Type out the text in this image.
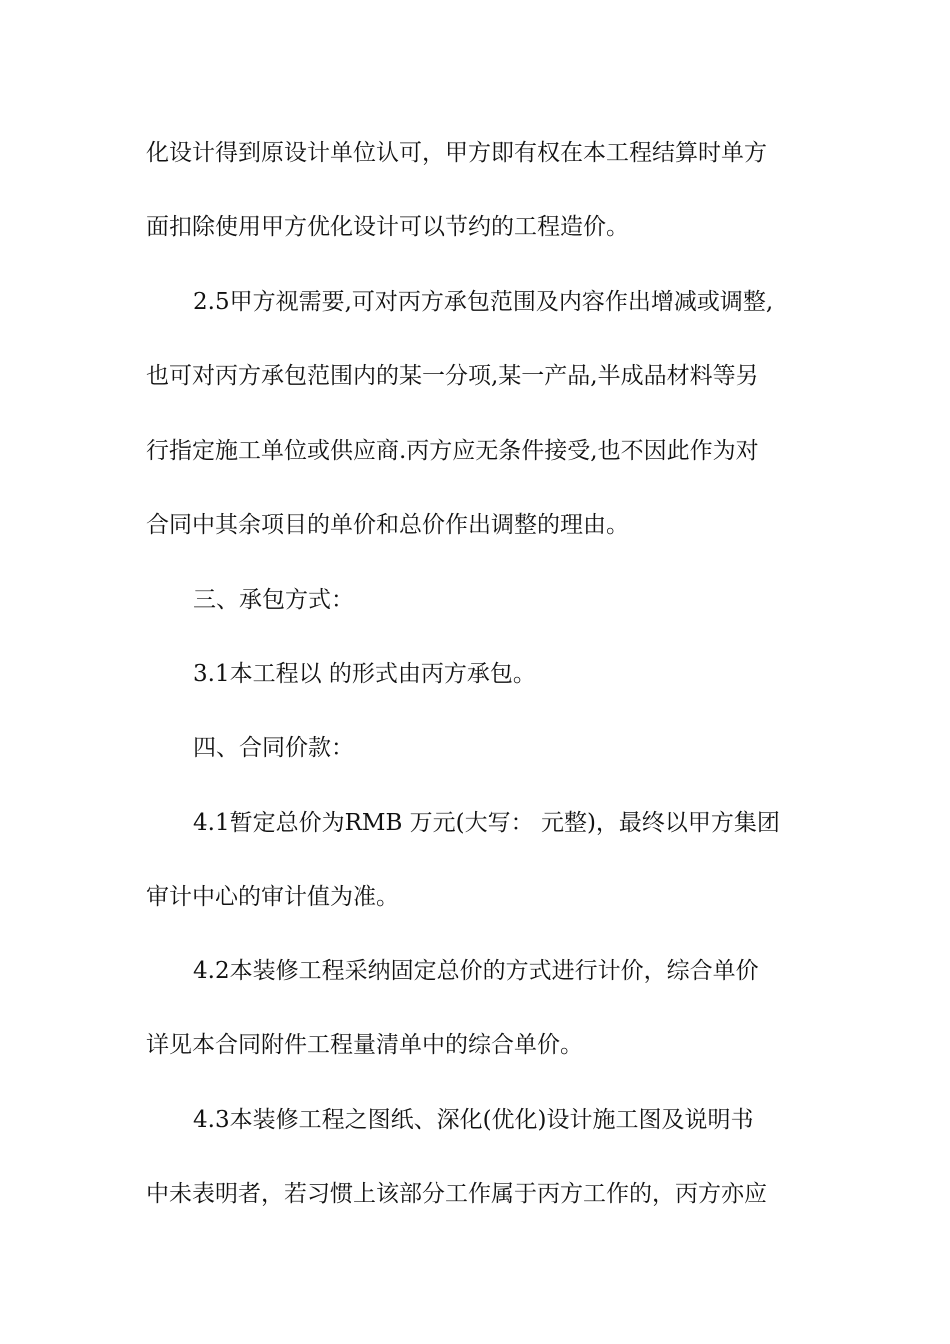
化设计得到原设计单位认可，甲方即有权在本工程结算时单方
面扣除使用甲方优化设计可以节约的工程造价。
2.5甲方视需要,可对丙方承包范围及内容作出增减或调整,
也可对丙方承包范围内的某一分项,某一产品,半成品材料等另
行指定施工单位或供应商.丙方应无条件接受,也不因此作为对
合同中其余项目的单价和总价作出调整的理由。
三、承包方式：
3.1本工程以 的形式由丙方承包。
四、合同价款：
4.1暂定总价为RMB 万元(大写： 元整)，最终以甲方集团
审计中心的审计值为准。
4.2本装修工程采纳固定总价的方式进行计价，综合单价
详见本合同附件工程量清单中的综合单价。
4.3本装修工程之图纸、深化(优化)设计施工图及说明书
中未表明者，若习惯上该部分工作属于丙方工作的，丙方亦应
